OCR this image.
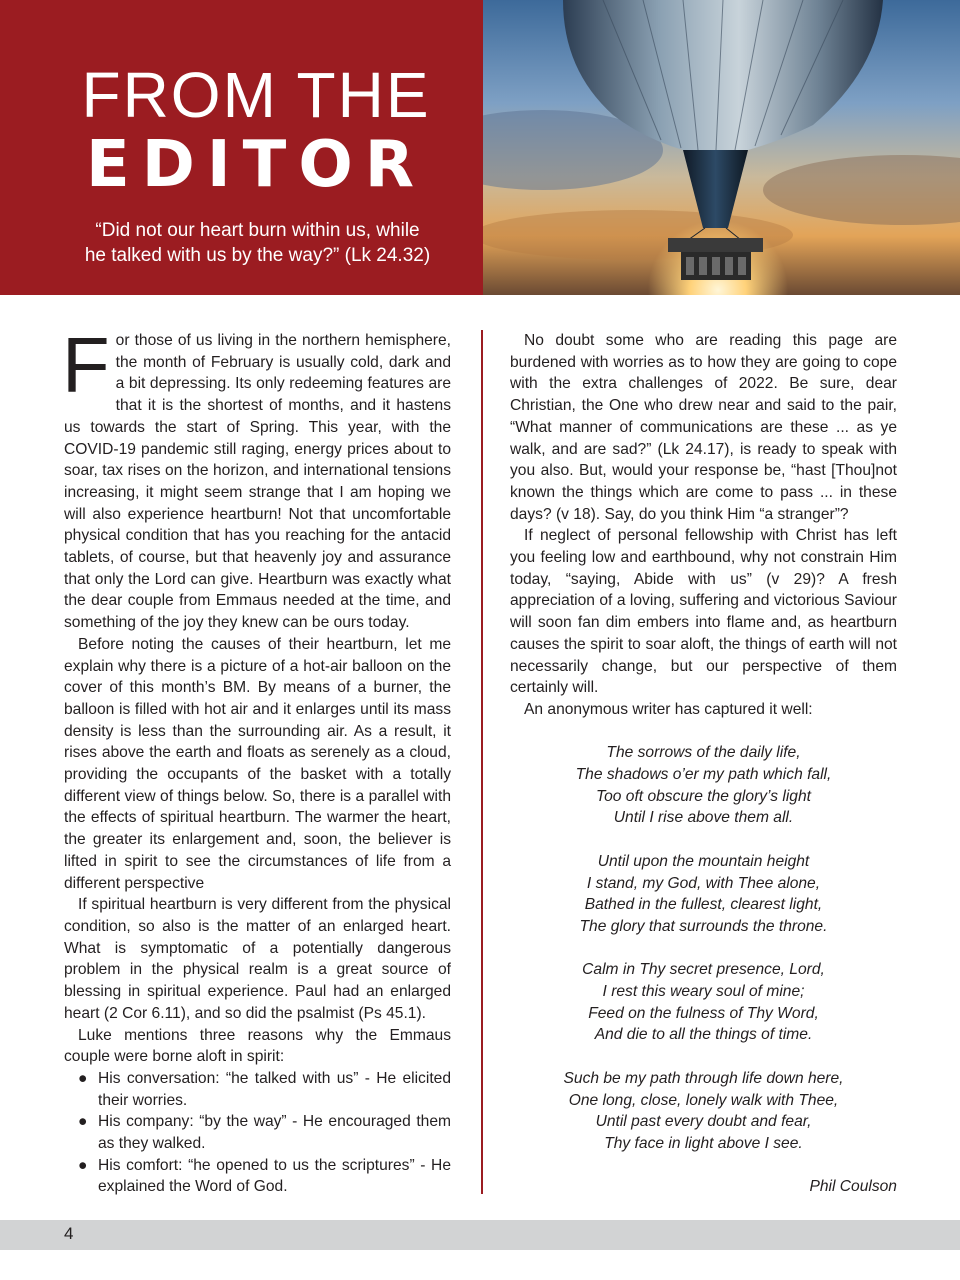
FROM THE
EDITOR
“Did not our heart burn within us, while
he talked with us by the way?” (Lk 24.32)

For those of us living in the northern hemisphere, the month of February is usually cold, dark and a bit depressing. Its only redeeming features are that it is the shortest of months, and it hastens us towards the start of Spring. This year, with the COVID-19 pandemic still raging, energy prices about to soar, tax rises on the horizon, and international tensions increasing, it might seem strange that I am hoping we will also experience heartburn! Not that uncomfortable physical condition that has you reaching for the antacid tablets, of course, but that heavenly joy and assurance that only the Lord can give. Heartburn was exactly what the dear couple from Emmaus needed at the time, and something of the joy they knew can be ours today.

Before noting the causes of their heartburn, let me explain why there is a picture of a hot-air balloon on the cover of this month’s BM. By means of a burner, the balloon is filled with hot air and it enlarges until its mass density is less than the surrounding air. As a result, it rises above the earth and floats as serenely as a cloud, providing the occupants of the basket with a totally different view of things below. So, there is a parallel with the effects of spiritual heartburn. The warmer the heart, the greater its enlargement and, soon, the believer is lifted in spirit to see the circumstances of life from a different perspective

If spiritual heartburn is very different from the physical condition, so also is the matter of an enlarged heart. What is symptomatic of a potentially dangerous problem in the physical realm is a great source of blessing in spiritual experience. Paul had an enlarged heart (2 Cor 6.11), and so did the psalmist (Ps 45.1).

Luke mentions three reasons why the Emmaus couple were borne aloft in spirit:

● His conversation: “he talked with us” - He elicited their worries.
● His company: “by the way” - He encouraged them as they walked.
● His comfort: “he opened to us the scriptures” - He explained the Word of God.

No doubt some who are reading this page are burdened with worries as to how they are going to cope with the extra challenges of 2022. Be sure, dear Christian, the One who drew near and said to the pair, “What manner of communications are these ... as ye walk, and are sad?” (Lk 24.17), is ready to speak with you also. But, would your response be, “hast [Thou]not known the things which are come to pass ... in these days? (v 18). Say, do you think Him “a stranger”?

If neglect of personal fellowship with Christ has left you feeling low and earthbound, why not constrain Him today, “saying, Abide with us” (v 29)? A fresh appreciation of a loving, suffering and victorious Saviour will soon fan dim embers into flame and, as heartburn causes the spirit to soar aloft, the things of earth will not necessarily change, but our perspective of them certainly will.

An anonymous writer has captured it well:

The sorrows of the daily life,
The shadows o’er my path which fall,
Too oft obscure the glory’s light
Until I rise above them all.
Until upon the mountain height
I stand, my God, with Thee alone,
Bathed in the fullest, clearest light,
The glory that surrounds the throne.
Calm in Thy secret presence, Lord,
I rest this weary soul of mine;
Feed on the fulness of Thy Word,
And die to all the things of time.
Such be my path through life down here,
One long, close, lonely walk with Thee,
Until past every doubt and fear,
Thy face in light above I see.
Phil Coulson
4
